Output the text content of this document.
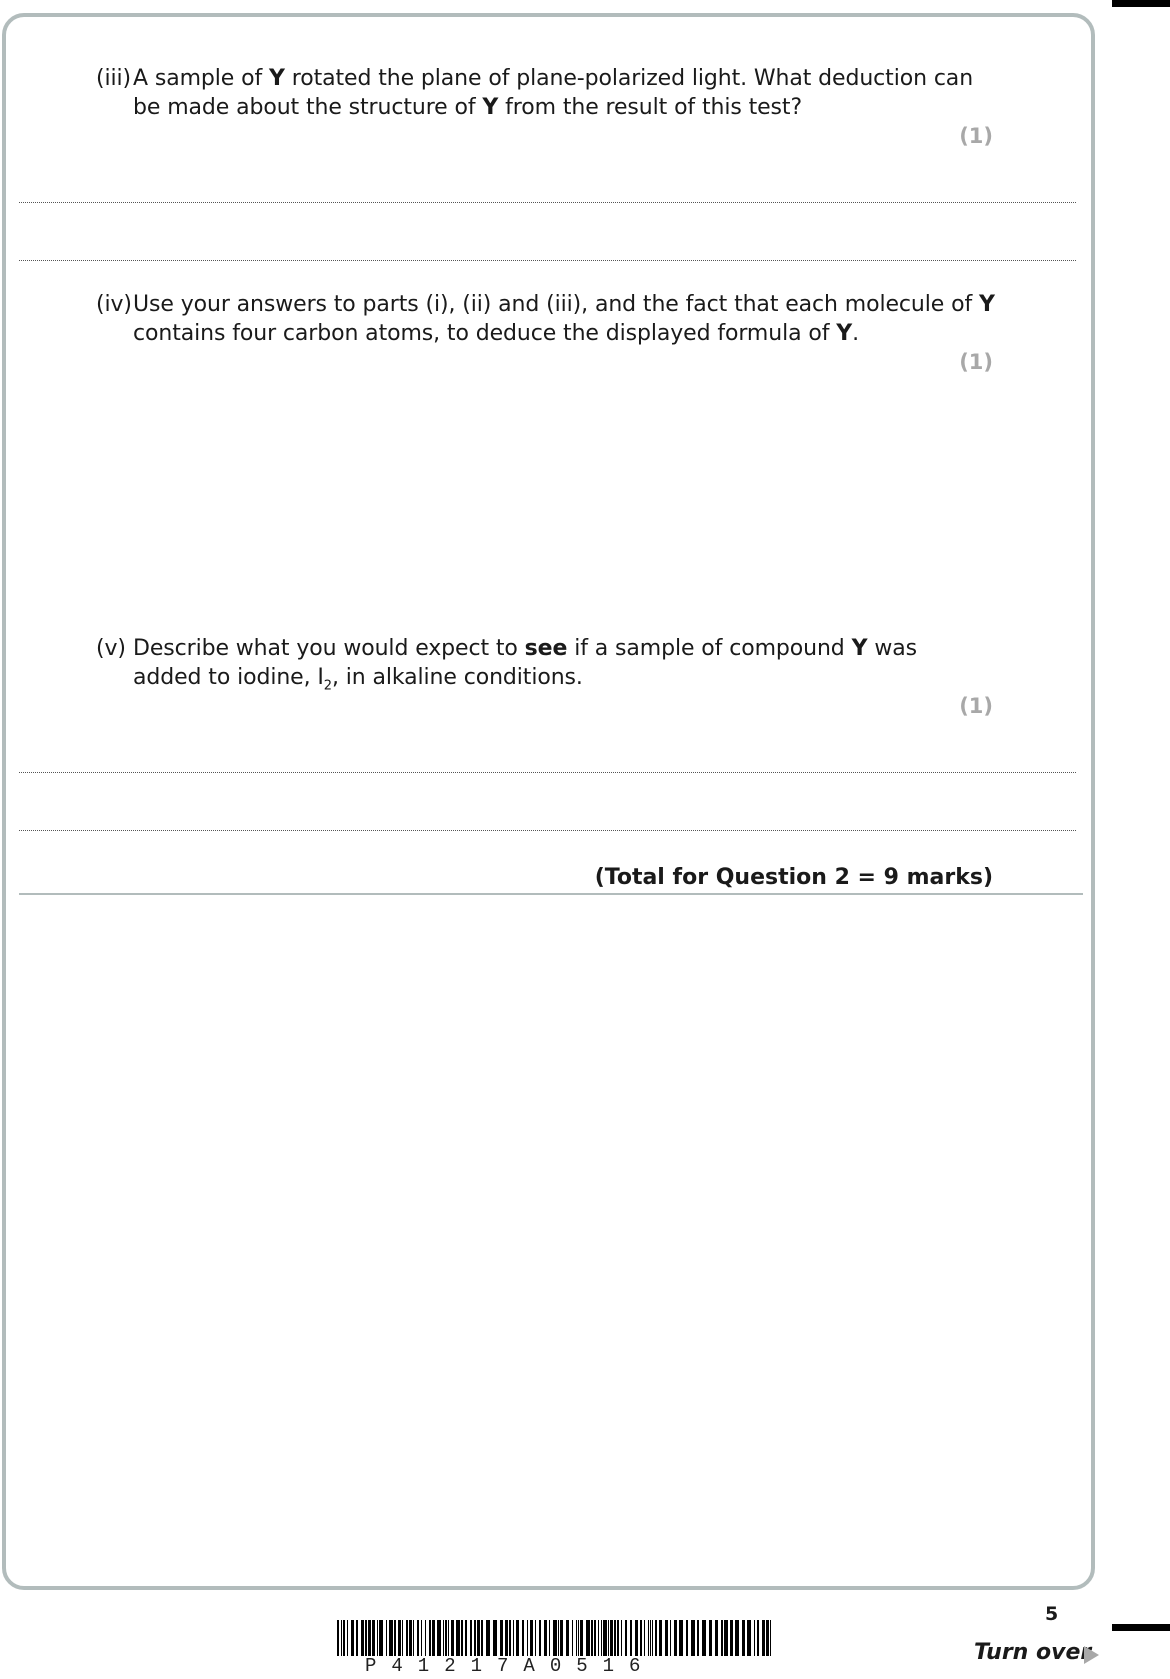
(iii)A sample of Y rotated the plane of plane-polarized light. What deduction can
be made about the structure of Y from the result of this test?
(1)
(iv)Use your answers to parts (i), (ii) and (iii), and the fact that each molecule of Y
contains four carbon atoms, to deduce the displayed formula of Y.
(1)
(v) Describe what you would expect to see if a sample of compound Y was
added to iodine, $I_2$, in alkaline conditions.
(1)
(Total for Question 2 = 9 marks)
P41217A0516
5
Turn over
